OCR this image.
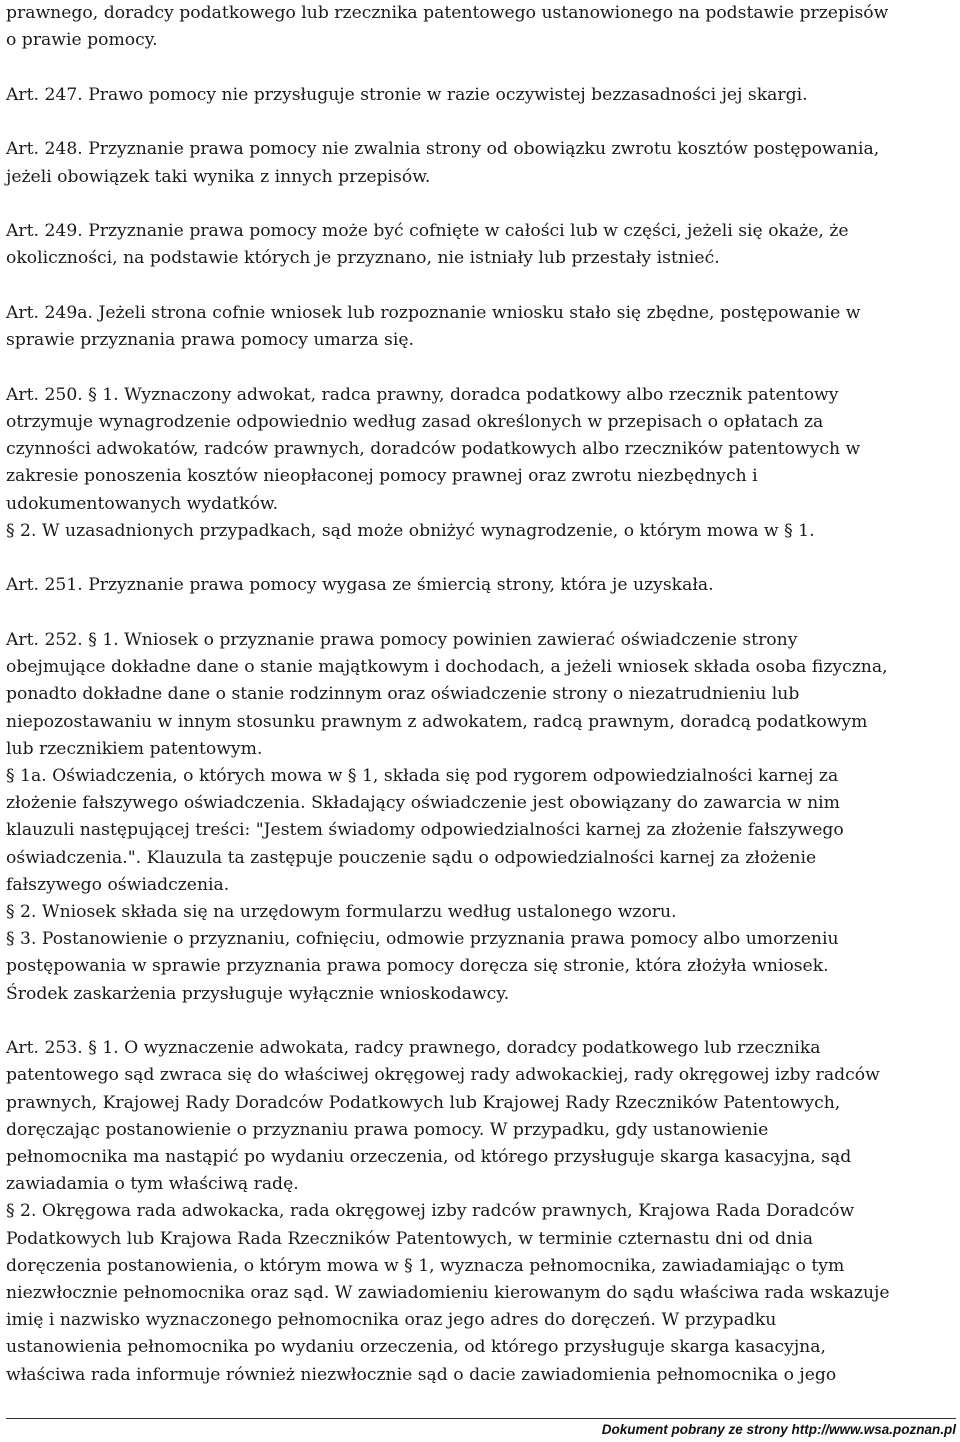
prawnego, doradcy podatkowego lub rzecznika patentowego ustanowionego na podstawie przepisów

o prawie pomocy.

Art. 247. Prawo pomocy nie przysługuje stronie w razie oczywistej bezzasadności jej skargi.

Art. 248. Przyznanie prawa pomocy nie zwalnia strony od obowiązku zwrotu kosztów postępowania,

jeżeli obowiązek taki wynika z innych przepisów.

Art. 249. Przyznanie prawa pomocy może być cofnięte w całości lub w części, jeżeli się okaże, że

okoliczności, na podstawie których je przyznano, nie istniały lub przestały istnieć.

Art. 249a. Jeżeli strona cofnie wniosek lub rozpoznanie wniosku stało się zbędne, postępowanie w

sprawie przyznania prawa pomocy umarza się.

Art. 250. § 1. Wyznaczony adwokat, radca prawny, doradca podatkowy albo rzecznik patentowy

otrzymuje wynagrodzenie odpowiednio według zasad określonych w przepisach o opłatach za

czynności adwokatów, radców prawnych, doradców podatkowych albo rzeczników patentowych w

zakresie ponoszenia kosztów nieopłaconej pomocy prawnej oraz zwrotu niezbędnych i

udokumentowanych wydatków.

§ 2. W uzasadnionych przypadkach, sąd może obniżyć wynagrodzenie, o którym mowa w § 1.

Art. 251. Przyznanie prawa pomocy wygasa ze śmiercią strony, która je uzyskała.

Art. 252. § 1. Wniosek o przyznanie prawa pomocy powinien zawierać oświadczenie strony

obejmujące dokładne dane o stanie majątkowym i dochodach, a jeżeli wniosek składa osoba fizyczna,

ponadto dokładne dane o stanie rodzinnym oraz oświadczenie strony o niezatrudnieniu lub

niepozostawaniu w innym stosunku prawnym z adwokatem, radcą prawnym, doradcą podatkowym

lub rzecznikiem patentowym.

§ 1a. Oświadczenia, o których mowa w § 1, składa się pod rygorem odpowiedzialności karnej za

złożenie fałszywego oświadczenia. Składający oświadczenie jest obowiązany do zawarcia w nim

klauzuli następującej treści: "Jestem świadomy odpowiedzialności karnej za złożenie fałszywego

oświadczenia.". Klauzula ta zastępuje pouczenie sądu o odpowiedzialności karnej za złożenie

fałszywego oświadczenia.

§ 2. Wniosek składa się na urzędowym formularzu według ustalonego wzoru.

§ 3. Postanowienie o przyznaniu, cofnięciu, odmowie przyznania prawa pomocy albo umorzeniu

postępowania w sprawie przyznania prawa pomocy doręcza się stronie, która złożyła wniosek.

Środek zaskarżenia przysługuje wyłącznie wnioskodawcy.

Art. 253. § 1. O wyznaczenie adwokata, radcy prawnego, doradcy podatkowego lub rzecznika

patentowego sąd zwraca się do właściwej okręgowej rady adwokackiej, rady okręgowej izby radców

prawnych, Krajowej Rady Doradców Podatkowych lub Krajowej Rady Rzeczników Patentowych,

doręczając postanowienie o przyznaniu prawa pomocy. W przypadku, gdy ustanowienie

pełnomocnika ma nastąpić po wydaniu orzeczenia, od którego przysługuje skarga kasacyjna, sąd

zawiadamia o tym właściwą radę.

§ 2. Okręgowa rada adwokacka, rada okręgowej izby radców prawnych, Krajowa Rada Doradców

Podatkowych lub Krajowa Rada Rzeczników Patentowych, w terminie czternastu dni od dnia

doręczenia postanowienia, o którym mowa w § 1, wyznacza pełnomocnika, zawiadamiając o tym

niezwłocznie pełnomocnika oraz sąd. W zawiadomieniu kierowanym do sądu właściwa rada wskazuje

imię i nazwisko wyznaczonego pełnomocnika oraz jego adres do doręczeń. W przypadku

ustanowienia pełnomocnika po wydaniu orzeczenia, od którego przysługuje skarga kasacyjna,

właściwa rada informuje również niezwłocznie sąd o dacie zawiadomienia pełnomocnika o jego

Dokument pobrany ze strony http://www.wsa.poznan.pl
